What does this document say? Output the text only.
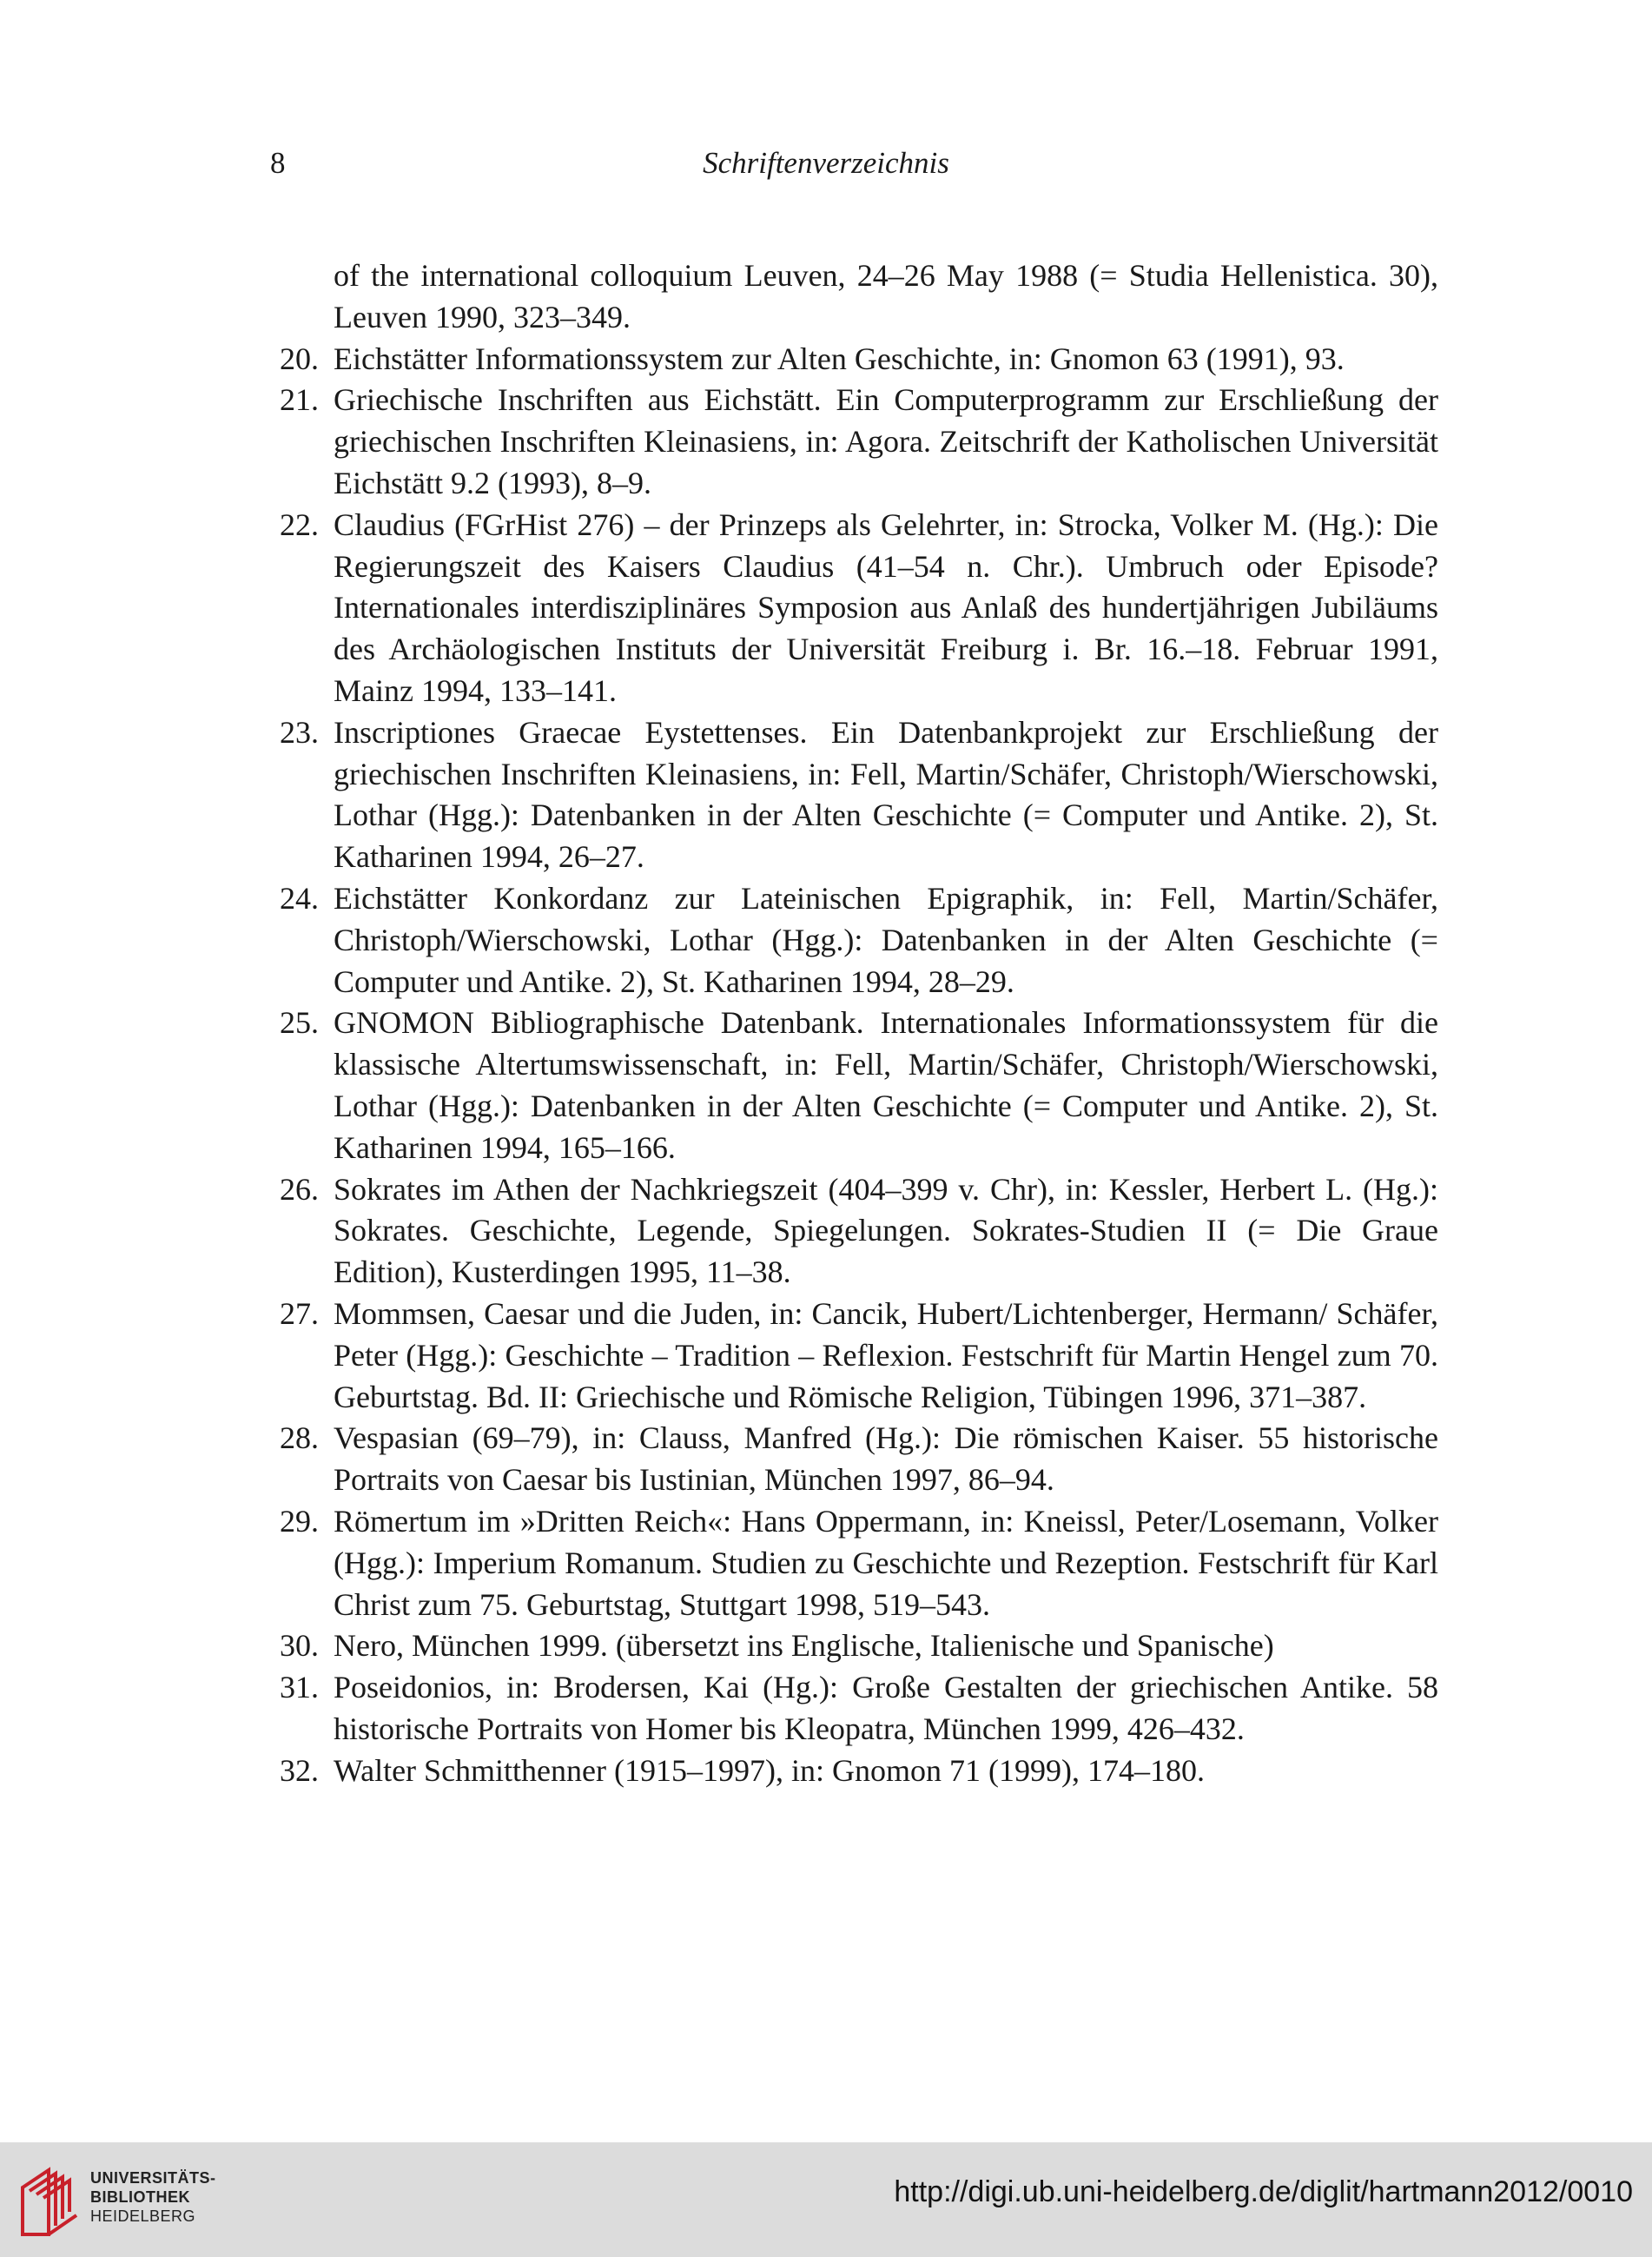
8	Schriftenverzeichnis
of the international colloquium Leuven, 24–26 May 1988 (= Studia Hellenistica. 30), Leuven 1990, 323–349.
20. Eichstätter Informationssystem zur Alten Geschichte, in: Gnomon 63 (1991), 93.
21. Griechische Inschriften aus Eichstätt. Ein Computerprogramm zur Erschließung der griechischen Inschriften Kleinasiens, in: Agora. Zeitschrift der Katholischen Universität Eichstätt 9.2 (1993), 8–9.
22. Claudius (FGrHist 276) – der Prinzeps als Gelehrter, in: Strocka, Volker M. (Hg.): Die Regierungszeit des Kaisers Claudius (41–54 n. Chr.). Umbruch oder Episode? Internationales interdisziplinäres Symposion aus Anlaß des hundertjährigen Jubiläums des Archäologischen Instituts der Universität Freiburg i. Br. 16.–18. Februar 1991, Mainz 1994, 133–141.
23. Inscriptiones Graecae Eystettenses. Ein Datenbankprojekt zur Erschließung der griechischen Inschriften Kleinasiens, in: Fell, Martin/Schäfer, Christoph/Wierschowski, Lothar (Hgg.): Datenbanken in der Alten Geschichte (= Computer und Antike. 2), St. Katharinen 1994, 26–27.
24. Eichstätter Konkordanz zur Lateinischen Epigraphik, in: Fell, Martin/Schäfer, Christoph/Wierschowski, Lothar (Hgg.): Datenbanken in der Alten Geschichte (= Computer und Antike. 2), St. Katharinen 1994, 28–29.
25. GNOMON Bibliographische Datenbank. Internationales Informationssystem für die klassische Altertumswissenschaft, in: Fell, Martin/Schäfer, Christoph/Wierschowski, Lothar (Hgg.): Datenbanken in der Alten Geschichte (= Computer und Antike. 2), St. Katharinen 1994, 165–166.
26. Sokrates im Athen der Nachkriegszeit (404–399 v. Chr), in: Kessler, Herbert L. (Hg.): Sokrates. Geschichte, Legende, Spiegelungen. Sokrates-Studien II (= Die Graue Edition), Kusterdingen 1995, 11–38.
27. Mommsen, Caesar und die Juden, in: Cancik, Hubert/Lichtenberger, Hermann/ Schäfer, Peter (Hgg.): Geschichte – Tradition – Reflexion. Festschrift für Martin Hengel zum 70. Geburtstag. Bd. II: Griechische und Römische Religion, Tübingen 1996, 371–387.
28. Vespasian (69–79), in: Clauss, Manfred (Hg.): Die römischen Kaiser. 55 historische Portraits von Caesar bis Iustinian, München 1997, 86–94.
29. Römertum im »Dritten Reich«: Hans Oppermann, in: Kneissl, Peter/Losemann, Volker (Hgg.): Imperium Romanum. Studien zu Geschichte und Rezeption. Festschrift für Karl Christ zum 75. Geburtstag, Stuttgart 1998, 519–543.
30. Nero, München 1999. (übersetzt ins Englische, Italienische und Spanische)
31. Poseidonios, in: Brodersen, Kai (Hg.): Große Gestalten der griechischen Antike. 58 historische Portraits von Homer bis Kleopatra, München 1999, 426–432.
32. Walter Schmitthenner (1915–1997), in: Gnomon 71 (1999), 174–180.
UNIVERSITÄTS-
BIBLIOTHEK
HEIDELBERG
http://digi.ub.uni-heidelberg.de/diglit/hartmann2012/0010
